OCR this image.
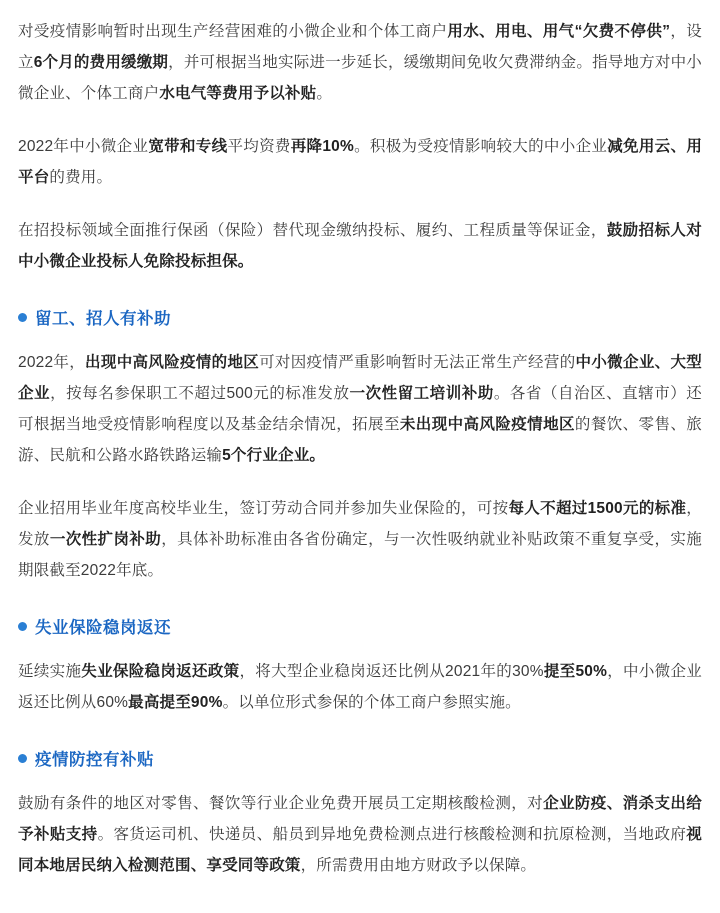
对受疫情影响暂时出现生产经营困难的小微企业和个体工商户用水、用电、用气“欠费不停供”，设立6个月的费用缓缴期，并可根据当地实际进一步延长，缓缴期间免收欠费滞纳金。指导地方对中小微企业、个体工商户水电气等费用予以补贴。

2022年中小微企业宽带和专线平均资费再降10%。积极为受疫情影响较大的中小企业减免用云、用平台的费用。

在招投标领域全面推行保函（保险）替代现金缴纳投标、履约、工程质量等保证金，鼓励招标人对中小微企业投标人免除投标担保。

留工、招人有补助

2022年，出现中高风险疫情的地区可对因疫情严重影响暂时无法正常生产经营的中小微企业、大型企业，按每名参保职工不超过500元的标准发放一次性留工培训补助。各省（自治区、直辖市）还可根据当地受疫情影响程度以及基金结余情况，拓展至未出现中高风险疫情地区的餐饮、零售、旅游、民航和公路水路铁路运输5个行业企业。

企业招用毕业年度高校毕业生，签订劳动合同并参加失业保险的，可按每人不超过1500元的标准，发放一次性扩岗补助，具体补助标准由各省份确定，与一次性吸纳就业补贴政策不重复享受，实施期限截至2022年底。

失业保险稳岗返还

延续实施失业保险稳岗返还政策，将大型企业稳岗返还比例从2021年的30%提至50%，中小微企业返还比例从60%最高提至90%。以单位形式参保的个体工商户参照实施。

疫情防控有补贴

鼓励有条件的地区对零售、餐饮等行业企业免费开展员工定期核酸检测，对企业防疫、消杀支出给予补贴支持。客货运司机、快递员、船员到异地免费检测点进行核酸检测和抗原检测，当地政府视同本地居民纳入检测范围、享受同等政策，所需费用由地方财政予以保障。
